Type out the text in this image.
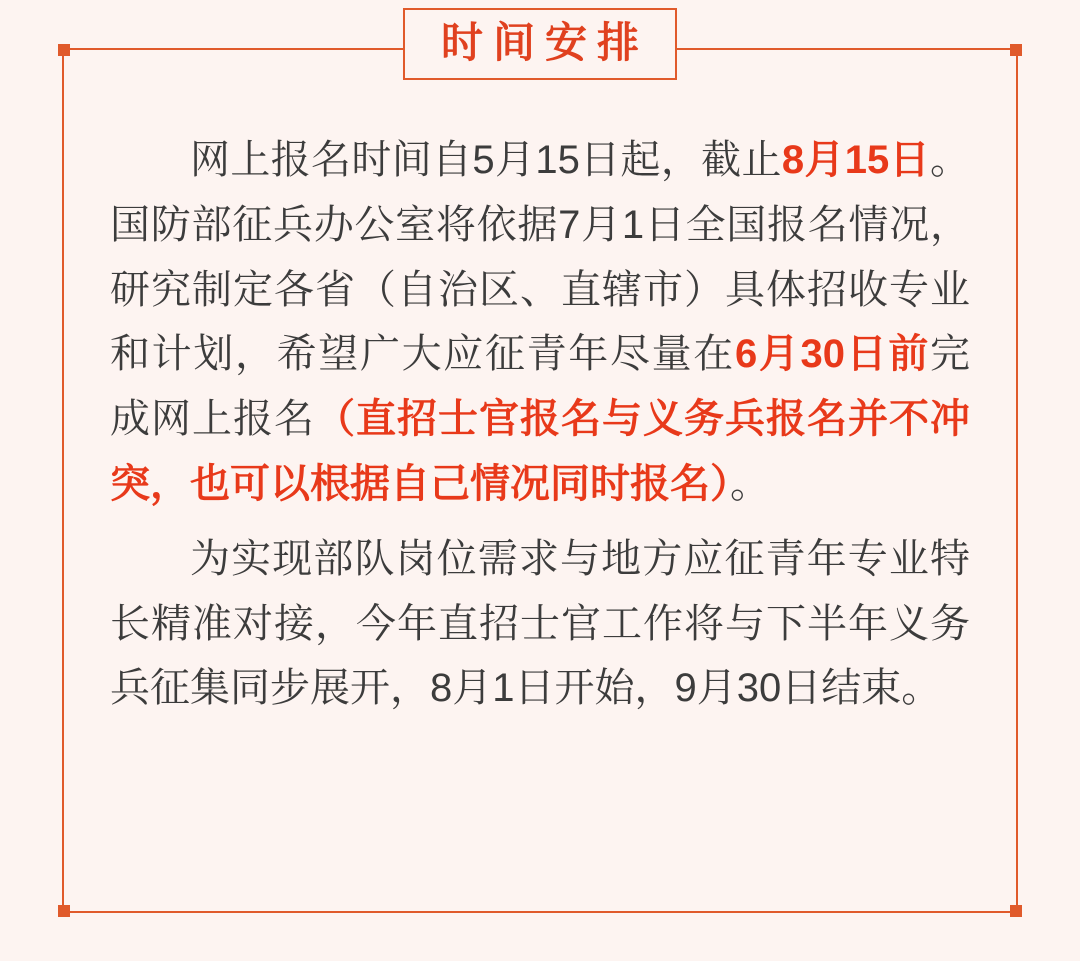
时间安排

网上报名时间自5月15日起，截止8月15日。国防部征兵办公室将依据7月1日全国报名情况，研究制定各省（自治区、直辖市）具体招收专业和计划，希望广大应征青年尽量在6月30日前完成网上报名（直招士官报名与义务兵报名并不冲突，也可以根据自己情况同时报名）。

为实现部队岗位需求与地方应征青年专业特长精准对接，今年直招士官工作将与下半年义务兵征集同步展开，8月1日开始，9月30日结束。
